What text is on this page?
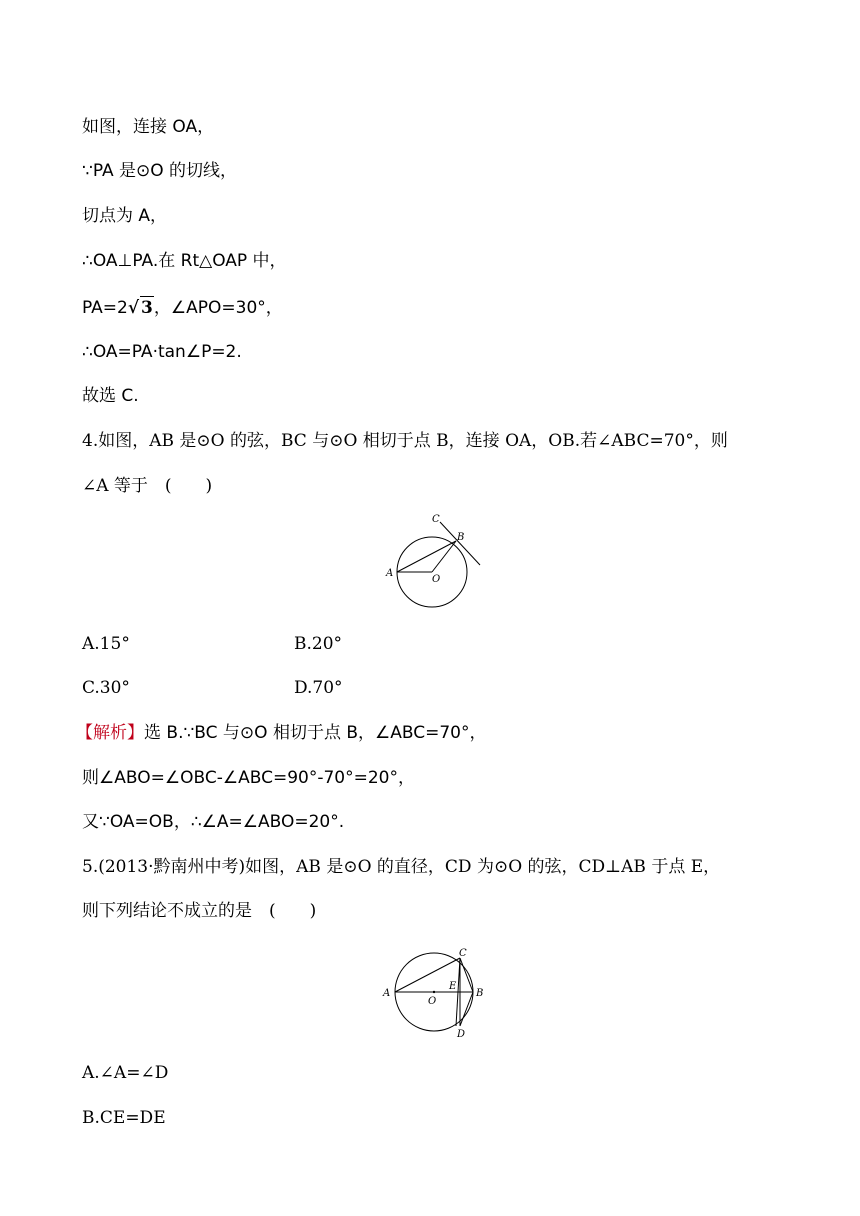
如图，连接 OA，
∵PA 是⊙O 的切线，
切点为 A，
∴OA⊥PA.在 Rt△OAP 中，
PA=2√ 3，∠APO=30°，
∴OA=PA·tan∠P=2.
故选 C.
4.如图，AB 是⊙O 的弦，BC 与⊙O 相切于点 B，连接 OA，OB.若∠ABC=70°，则
∠A 等于　(　　)
C
B
A
O
A.15°	B.20°
C.30°	D.70°
【解析】选 B.∵BC 与⊙O 相切于点 B，∠ABC=70°，
则∠ABO=∠OBC-∠ABC=90°-70°=20°，
又∵OA=OB，∴∠A=∠ABO=20°.
5.(2013·黔南州中考)如图，AB 是⊙O 的直径，CD 为⊙O 的弦，CD⊥AB 于点 E，
则下列结论不成立的是　(　　)
A
O
E
B
C
D
A.∠A=∠D
B.CE=DE
